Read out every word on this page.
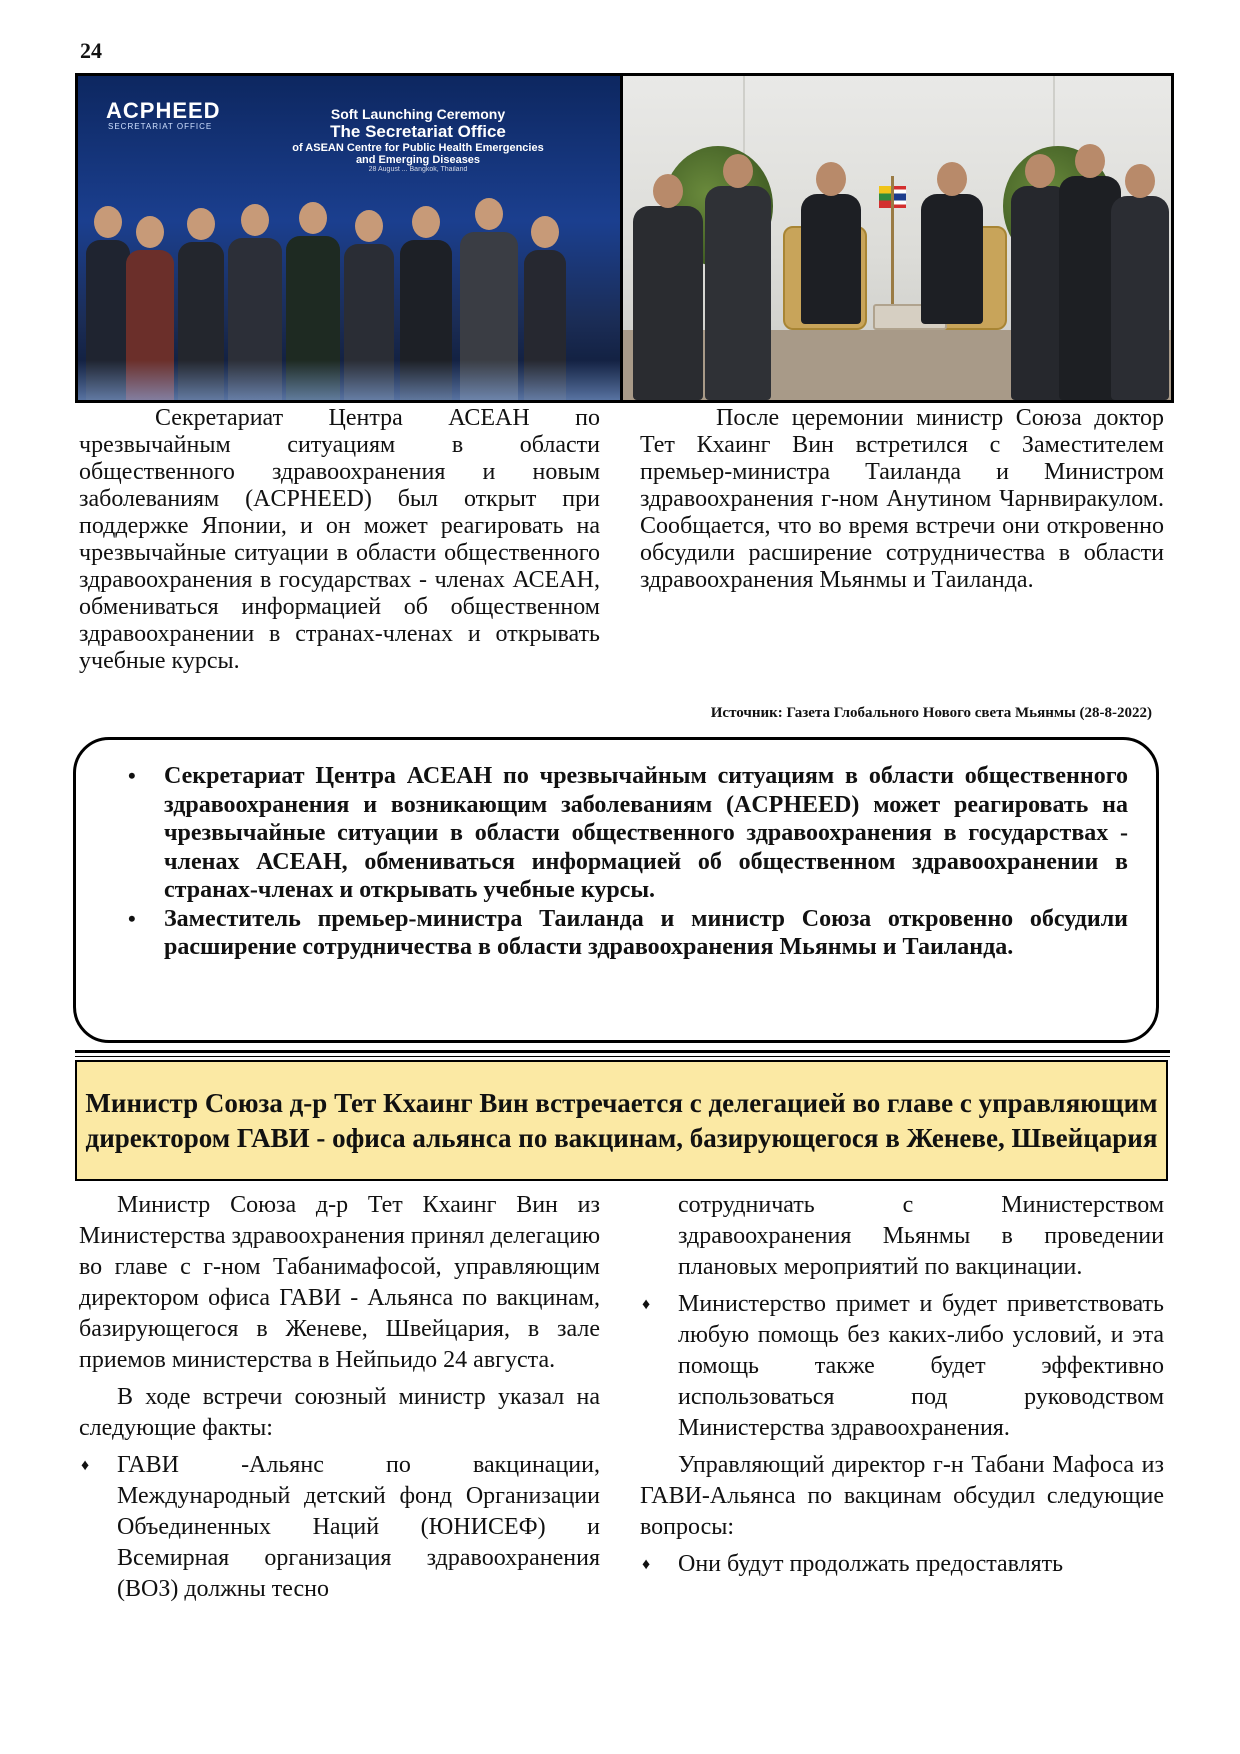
24
ACPHEED
SECRETARIAT OFFICE
Soft Launching Ceremony
The Secretariat Office
of ASEAN Centre for Public Health Emergencies
and Emerging Diseases
28 August ... Bangkok, Thailand

Секретариат Центра АСЕАН по чрезвычайным ситуациям в области общественного здравоохранения и новым заболеваниям (ACPHEED) был открыт при поддержке Японии, и он может реагировать на чрезвычайные ситуации в области общественного здравоохранения в государствах - членах АСЕАН, обмениваться информацией об общественном здравоохранении в странах-членах и открывать учебные курсы.

После церемонии министр Союза доктор Тет Кхаинг Вин встретился с Заместителем премьер-министра Таиланда и Министром здравоохранения г-ном Анутином Чарнвиракулом. Сообщается, что во время встречи они откровенно обсудили расширение сотрудничества в области здравоохранения Мьянмы и Таиланда.

Источник: Газета Глобального Нового света Мьянмы (28-8-2022)
• Секретариат Центра АСЕАН по чрезвычайным ситуациям в области общественного здравоохранения и возникающим заболеваниям (ACPHEED) может реагировать на чрезвычайные ситуации в области общественного здравоохранения в государствах - членах АСЕАН, обмениваться информацией об общественном здравоохранении в странах-членах и открывать учебные курсы.
• Заместитель премьер-министра Таиланда и министр Союза откровенно обсудили расширение сотрудничества в области здравоохранения Мьянмы и Таиланда.
Министр Союза д-р Тет Кхаинг Вин встречается с делегацией во главе с управляющим директором ГАВИ - офиса альянса по вакцинам, базирующегося в Женеве, Швейцария

Министр Союза д-р Тет Кхаинг Вин из Министерства здравоохранения принял делегацию во главе с г-ном Табанимафосой, управляющим директором офиса ГАВИ - Альянса по вакцинам, базирующегося в Женеве, Швейцария, в зале приемов министерства в Нейпьидо 24 августа.

В ходе встречи союзный министр указал на следующие факты:

♦ ГАВИ -Альянс по вакцинации, Международный детский фонд Организации Объединенных Наций (ЮНИСЕФ) и Всемирная организация здравоохранения (ВОЗ) должны тесно

сотрудничать с Министерством здравоохранения Мьянмы в проведении плановых мероприятий по вакцинации.

♦ Министерство примет и будет приветствовать любую помощь без каких-либо условий, и эта помощь также будет эффективно использоваться под руководством Министерства здравоохранения.

Управляющий директор г-н Табани Мафоса из ГАВИ-Альянса по вакцинам обсудил следующие вопросы:

♦ Они будут продолжать предоставлять
